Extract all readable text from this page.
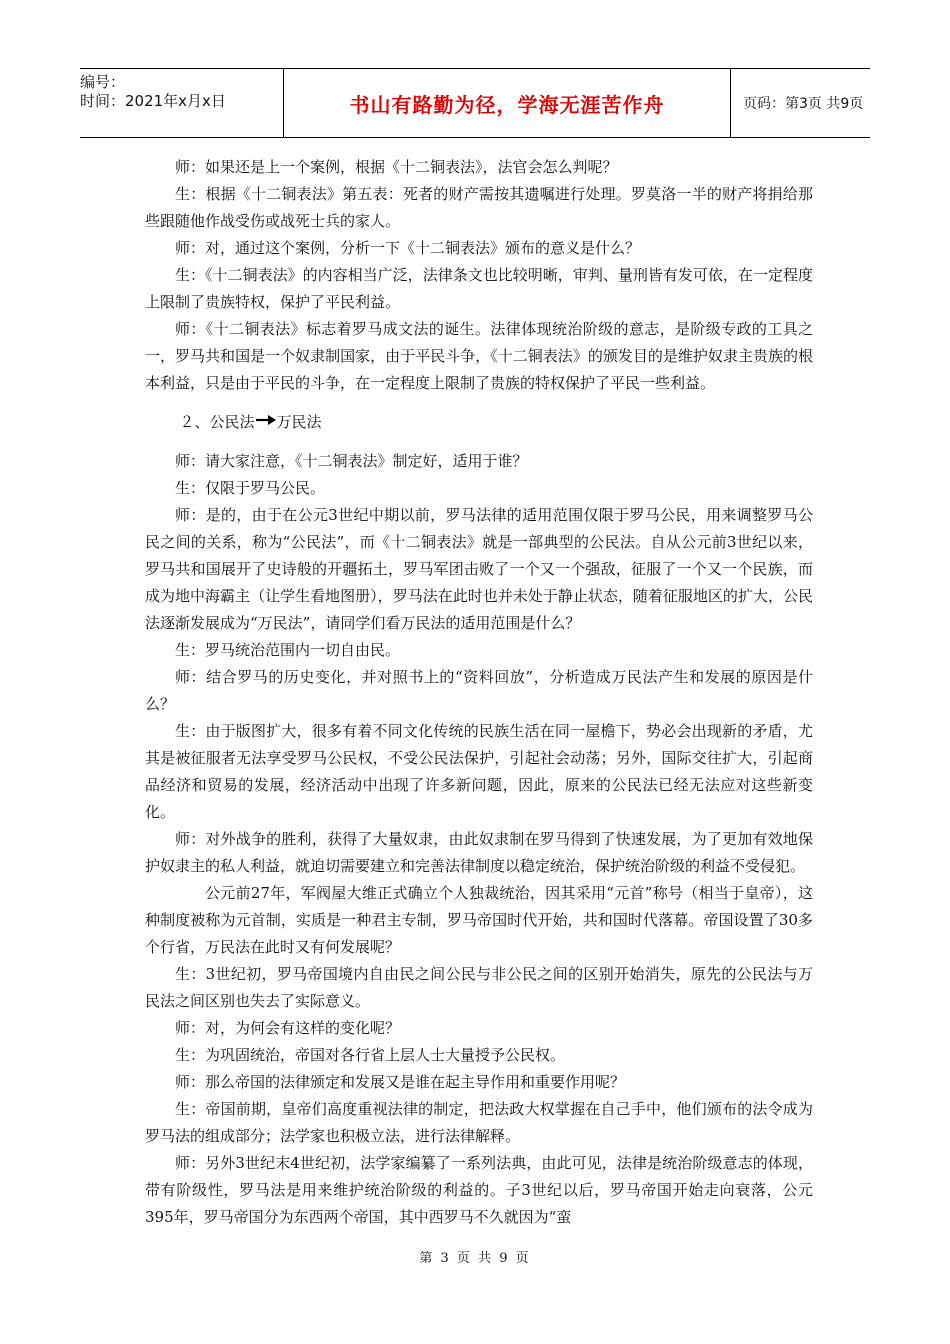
编号：
时间：2021年x月x日	书山有路勤为径，学海无涯苦作舟	页码：第3页 共9页

师：如果还是上一个案例，根据《十二铜表法》，法官会怎么判呢？

生：根据《十二铜表法》第五表：死者的财产需按其遗嘱进行处理。罗莫洛一半的财产将捐给那些跟随他作战受伤或战死士兵的家人。

师：对，通过这个案例，分析一下《十二铜表法》颁布的意义是什么？

生：《十二铜表法》的内容相当广泛，法律条文也比较明晰，审判、量刑皆有发可依，在一定程度上限制了贵族特权，保护了平民利益。

师：《十二铜表法》标志着罗马成文法的诞生。法律体现统治阶级的意志，是阶级专政的工具之一，罗马共和国是一个奴隶制国家，由于平民斗争，《十二铜表法》的颁发目的是维护奴隶主贵族的根本利益，只是由于平民的斗争，在一定程度上限制了贵族的特权保护了平民一些利益。

２、公民法 万民法

师：请大家注意，《十二铜表法》制定好，适用于谁？

生：仅限于罗马公民。

师：是的，由于在公元3世纪中期以前，罗马法律的适用范围仅限于罗马公民，用来调整罗马公民之间的关系，称为“公民法”，而《十二铜表法》就是一部典型的公民法。自从公元前3世纪以来，罗马共和国展开了史诗般的开疆拓土，罗马军团击败了一个又一个强敌，征服了一个又一个民族，而成为地中海霸主（让学生看地图册），罗马法在此时也并未处于静止状态，随着征服地区的扩大，公民法逐渐发展成为“万民法”，请同学们看万民法的适用范围是什么？

生：罗马统治范围内一切自由民。

师：结合罗马的历史变化，并对照书上的“资料回放”，分析造成万民法产生和发展的原因是什么？

生：由于版图扩大，很多有着不同文化传统的民族生活在同一屋檐下，势必会出现新的矛盾，尤其是被征服者无法享受罗马公民权，不受公民法保护，引起社会动荡；另外，国际交往扩大，引起商品经济和贸易的发展，经济活动中出现了许多新问题，因此，原来的公民法已经无法应对这些新变化。

师：对外战争的胜利，获得了大量奴隶，由此奴隶制在罗马得到了快速发展，为了更加有效地保护奴隶主的私人利益，就迫切需要建立和完善法律制度以稳定统治，保护统治阶级的利益不受侵犯。

公元前27年，军阀屋大维正式确立个人独裁统治，因其采用“元首”称号（相当于皇帝），这种制度被称为元首制，实质是一种君主专制，罗马帝国时代开始，共和国时代落幕。帝国设置了30多个行省，万民法在此时又有何发展呢？

生：3世纪初，罗马帝国境内自由民之间公民与非公民之间的区别开始消失，原先的公民法与万民法之间区别也失去了实际意义。

师：对，为何会有这样的变化呢？

生：为巩固统治，帝国对各行省上层人士大量授予公民权。

师：那么帝国的法律颁定和发展又是谁在起主导作用和重要作用呢？

生：帝国前期，皇帝们高度重视法律的制定，把法政大权掌握在自己手中，他们颁布的法令成为罗马法的组成部分；法学家也积极立法，进行法律解释。

师：另外3世纪末4世纪初，法学家编纂了一系列法典，由此可见，法律是统治阶级意志的体现，带有阶级性，罗马法是用来维护统治阶级的利益的。子3世纪以后，罗马帝国开始走向衰落，公元395年，罗马帝国分为东西两个帝国，其中西罗马不久就因为“蛮

第 3 页 共 9 页
